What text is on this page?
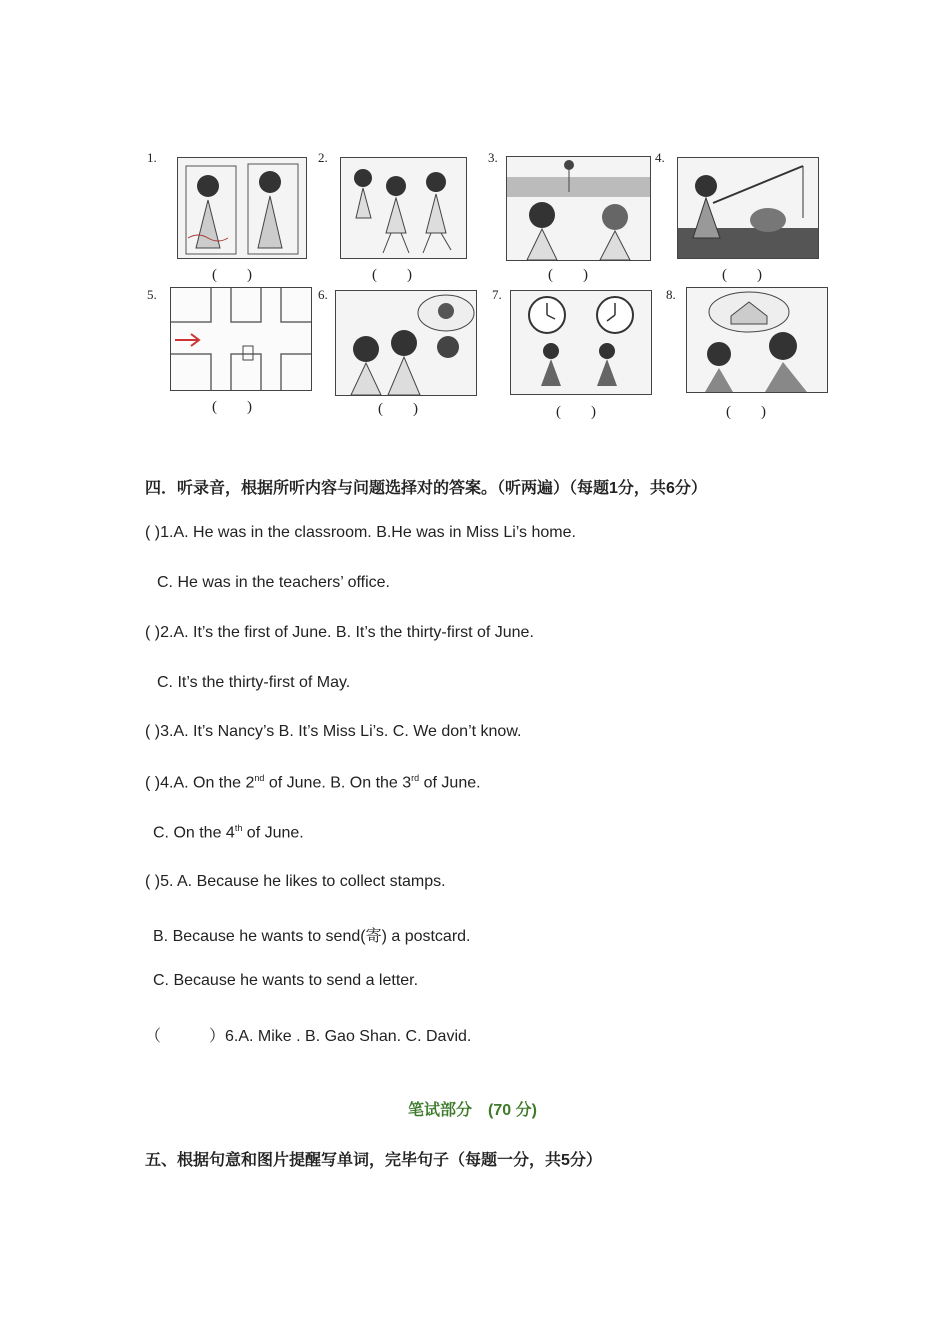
1.
(　　)
2.
(　　)
3.
(　　)
4.
(　　)
5.
(　　)
6.
(　　)
7.
(　　)
8.
(　　)
四．听录音，根据所听内容与问题选择对的答案。（听两遍）（每题1分，共6分）
( )1.A. He was in the classroom. B.He was in Miss Li’s home.
C. He was in the teachers’ office.
( )2.A. It’s the first of June. B. It’s the thirty-first of June.
C. It’s the thirty-first of May.
( )3.A. It’s Nancy’s B. It’s Miss Li’s. C. We don’t know.
( )4.A. On the 2nd of June. B. On the 3rd of June.
C. On the 4th of June.
( )5. A. Because he likes to collect stamps.
B. Because he wants to send(寄) a postcard.
C. Because he wants to send a letter.
（　　　）6.A. Mike . B. Gao Shan. C. David.
笔试部分　 (70 分)
五、根据句意和图片提醒写单词，完毕句子（每题一分，共5分）
